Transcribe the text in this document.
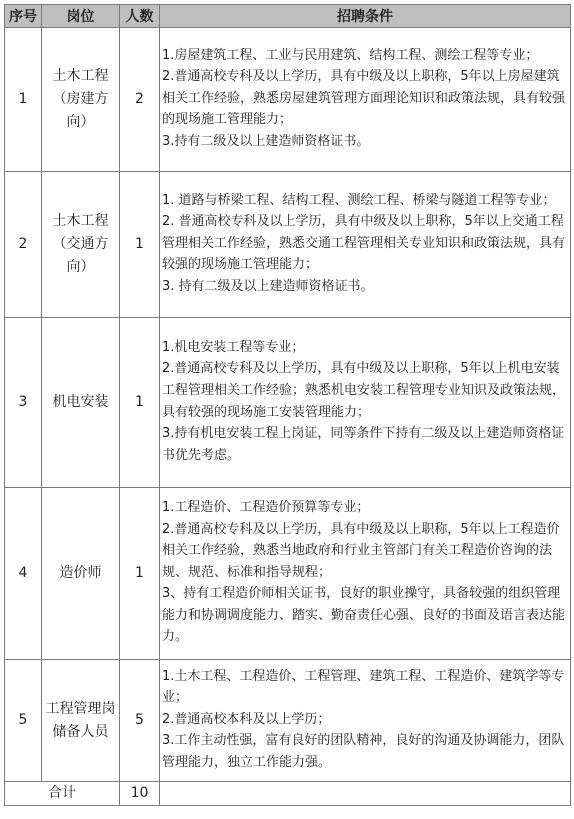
序号	岗位	人数	招聘条件
1	土木工程（房建方向）	2	1.房屋建筑工程、工业与民用建筑、结构工程、测绘工程等专业；

2.普通高校专科及以上学历，具有中级及以上职称，5年以上房屋建筑相关工作经验，熟悉房屋建筑管理方面理论知识和政策法规，具有较强的现场施工管理能力；

3.持有二级及以上建造师资格证书。

2	土木工程（交通方向）	1	1. 道路与桥梁工程、结构工程、测绘工程、桥梁与隧道工程等专业；

2. 普通高校专科及以上学历，具有中级及以上职称，5年以上交通工程管理相关工作经验，熟悉交通工程管理相关专业知识和政策法规，具有较强的现场施工管理能力；

3. 持有二级及以上建造师资格证书。

3	机电安装	1	1.机电安装工程等专业；

2.普通高校专科及以上学历，具有中级及以上职称，5年以上机电安装工程管理相关工作经验；熟悉机电安装工程管理专业知识及政策法规，具有较强的现场施工安装管理能力；

3.持有机电安装工程上岗证，同等条件下持有二级及以上建造师资格证书优先考虑。

4	造价师	1	1.工程造价、工程造价预算等专业；

2.普通高校专科及以上学历，具有中级及以上职称，5年以上工程造价相关工作经验，熟悉当地政府和行业主管部门有关工程造价咨询的法规、规范、标准和指导规程；

3、持有工程造价师相关证书，良好的职业操守，具备较强的组织管理能力和协调调度能力、踏实、勤奋责任心强、良好的书面及语言表达能力。

5	工程管理岗储备人员	5	1.土木工程、工程造价、工程管理、建筑工程、工程造价、建筑学等专业；

2.普通高校本科及以上学历；

3.工作主动性强，富有良好的团队精神，良好的沟通及协调能力，团队管理能力，独立工作能力强。

合计		10	
